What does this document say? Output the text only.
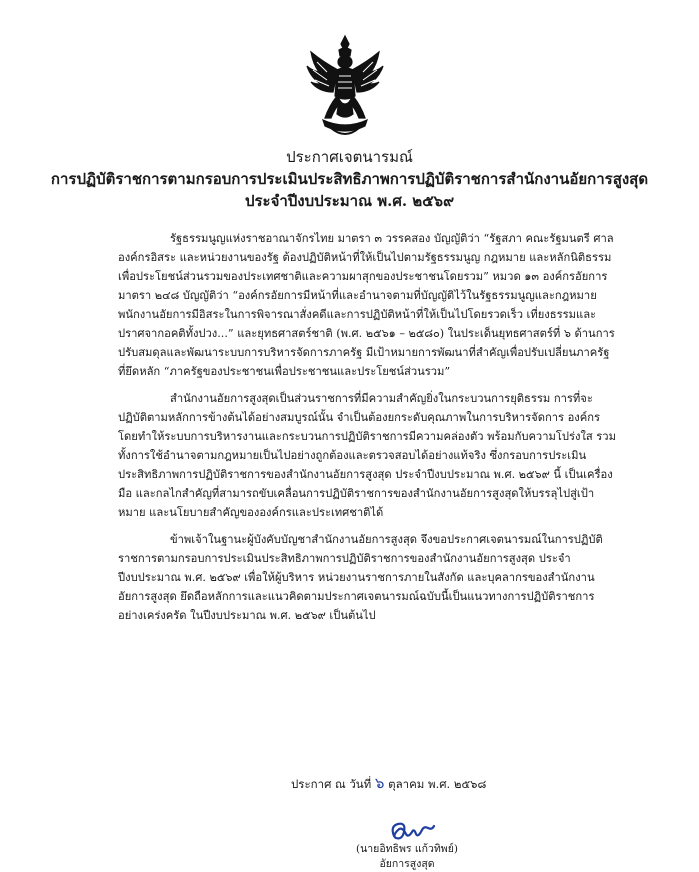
ประกาศเจตนารมณ์
การปฏิบัติราชการตามกรอบการประเมินประสิทธิภาพการปฏิบัติราชการสำนักงานอัยการสูงสุด
ประจำปีงบประมาณ พ.ศ. ๒๕๖๙

รัฐธรรมนูญแห่งราชอาณาจักรไทย มาตรา ๓ วรรคสอง บัญญัติว่า “รัฐสภา คณะรัฐมนตรี ศาล องค์กรอิสระ และหน่วยงานของรัฐ ต้องปฏิบัติหน้าที่ให้เป็นไปตามรัฐธรรมนูญ กฎหมาย และหลักนิติธรรม เพื่อประโยชน์ส่วนรวมของประเทศชาติและความผาสุกของประชาชนโดยรวม” หมวด ๑๓ องค์กรอัยการ มาตรา ๒๔๘ บัญญัติว่า “องค์กรอัยการมีหน้าที่และอำนาจตามที่บัญญัติไว้ในรัฐธรรมนูญและกฎหมาย พนักงานอัยการมีอิสระในการพิจารณาสั่งคดีและการปฏิบัติหน้าที่ให้เป็นไปโดยรวดเร็ว เที่ยงธรรมและ ปราศจากอคติทั้งปวง...” และยุทธศาสตร์ชาติ (พ.ศ. ๒๕๖๑ – ๒๕๘๐) ในประเด็นยุทธศาสตร์ที่ ๖ ด้านการปรับสมดุลและพัฒนาระบบการบริหารจัดการภาครัฐ มีเป้าหมายการพัฒนาที่สำคัญเพื่อปรับเปลี่ยนภาครัฐ ที่ยึดหลัก “ภาครัฐของประชาชนเพื่อประชาชนและประโยชน์ส่วนรวม”

สำนักงานอัยการสูงสุดเป็นส่วนราชการที่มีความสำคัญยิ่งในกระบวนการยุติธรรม การที่จะปฏิบัติตามหลักการข้างต้นได้อย่างสมบูรณ์นั้น จำเป็นต้องยกระดับคุณภาพในการบริหารจัดการ องค์กร โดยทำให้ระบบการบริหารงานและกระบวนการปฏิบัติราชการมีความคล่องตัว พร้อมกับความโปร่งใส รวมทั้งการใช้อำนาจตามกฎหมายเป็นไปอย่างถูกต้องและตรวจสอบได้อย่างแท้จริง ซึ่งกรอบการประเมิน ประสิทธิภาพการปฏิบัติราชการของสำนักงานอัยการสูงสุด ประจำปีงบประมาณ พ.ศ. ๒๕๖๙ นี้ เป็นเครื่องมือ และกลไกสำคัญที่สามารถขับเคลื่อนการปฏิบัติราชการของสำนักงานอัยการสูงสุดให้บรรลุไปสู่เป้าหมาย และนโยบายสำคัญขององค์กรและประเทศชาติได้

ข้าพเจ้าในฐานะผู้บังคับบัญชาสำนักงานอัยการสูงสุด จึงขอประกาศเจตนารมณ์ในการปฏิบัติ ราชการตามกรอบการประเมินประสิทธิภาพการปฏิบัติราชการของสำนักงานอัยการสูงสุด ประจำปีงบประมาณ พ.ศ. ๒๕๖๙ เพื่อให้ผู้บริหาร หน่วยงานราชการภายในสังกัด และบุคลากรของสำนักงานอัยการสูงสุด ยึดถือหลักการและแนวคิดตามประกาศเจตนารมณ์ฉบับนี้เป็นแนวทางการปฏิบัติราชการอย่างเคร่งครัด ในปีงบประมาณ พ.ศ. ๒๕๖๙ เป็นต้นไป

ประกาศ ณ วันที่ ๖ ตุลาคม พ.ศ. ๒๕๖๘
(นายอิทธิพร แก้วทิพย์)
อัยการสูงสุด
